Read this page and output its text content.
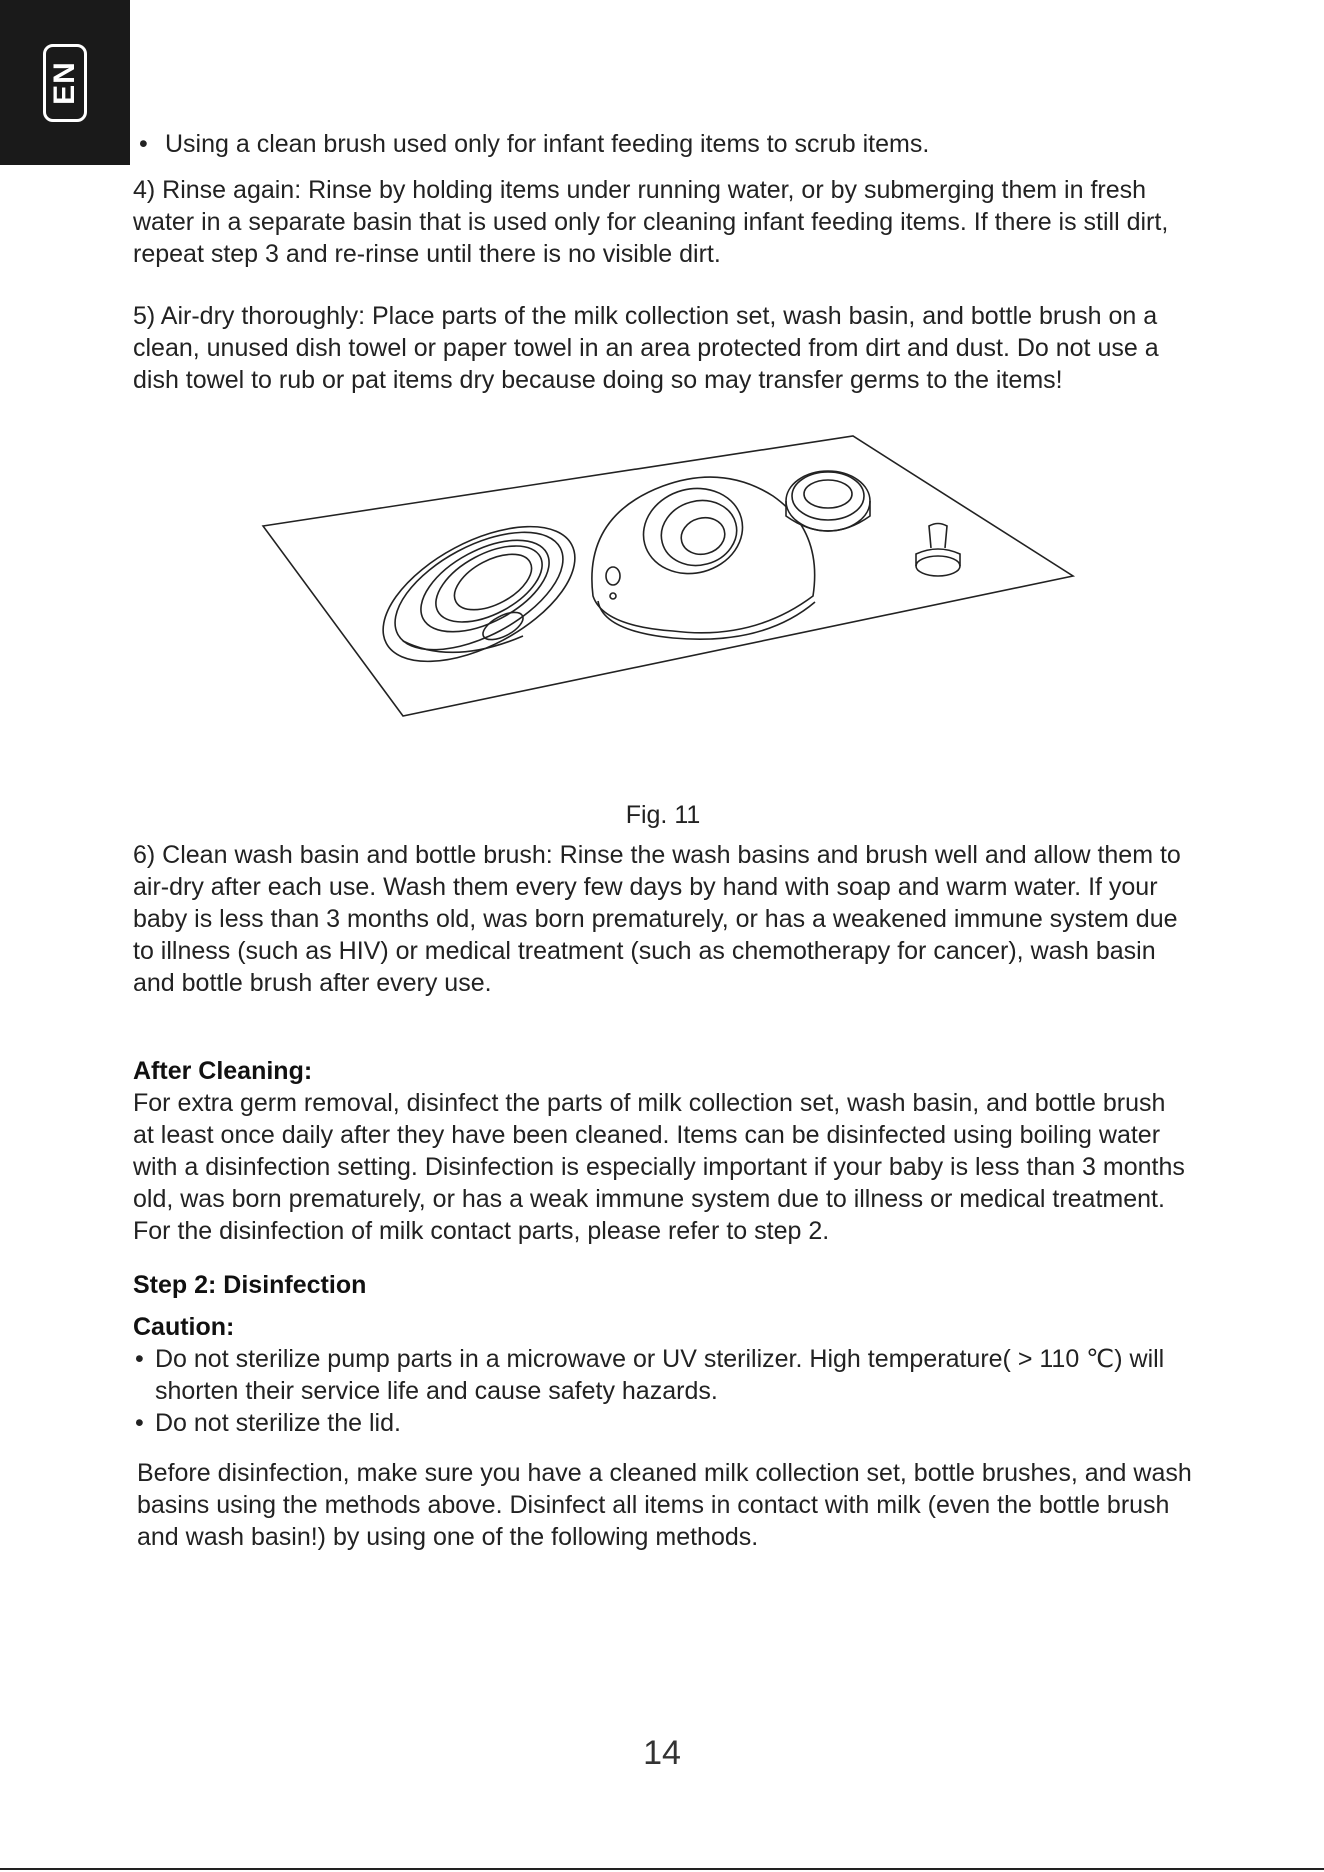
EN
• Using a clean brush used only for infant feeding items to scrub items.

4) Rinse again: Rinse by holding items under running water, or by submerging them in fresh water in a separate basin that is used only for cleaning infant feeding items. If there is still dirt, repeat step 3 and re-rinse until there is no visible dirt.

5) Air-dry thoroughly: Place parts of the milk collection set, wash basin, and bottle brush on a clean, unused dish towel or paper towel in an area protected from dirt and dust. Do not use a dish towel to rub or pat items dry because doing so may transfer germs to the items!

Fig. 11

6) Clean wash basin and bottle brush: Rinse the wash basins and brush well and allow them to air-dry after each use. Wash them every few days by hand with soap and warm water. If your baby is less than 3 months old, was born prematurely, or has a weakened immune system due to illness (such as HIV) or medical treatment (such as chemotherapy for cancer), wash basin and bottle brush after every use.

After Cleaning:

For extra germ removal, disinfect the parts of milk collection set, wash basin, and bottle brush at least once daily after they have been cleaned. Items can be disinfected using boiling water with a disinfection setting. Disinfection is especially important if your baby is less than 3 months old, was born prematurely, or has a weak immune system due to illness or medical treatment.

For the disinfection of milk contact parts, please refer to step 2.

Step 2: Disinfection

Caution:

• Do not sterilize pump parts in a microwave or UV sterilizer. High temperature( > 110 ℃) will shorten their service life and cause safety hazards.
• Do not sterilize the lid.

Before disinfection, make sure you have a cleaned milk collection set, bottle brushes, and wash basins using the methods above. Disinfect all items in contact with milk (even the bottle brush and wash basin!) by using one of the following methods.

14
